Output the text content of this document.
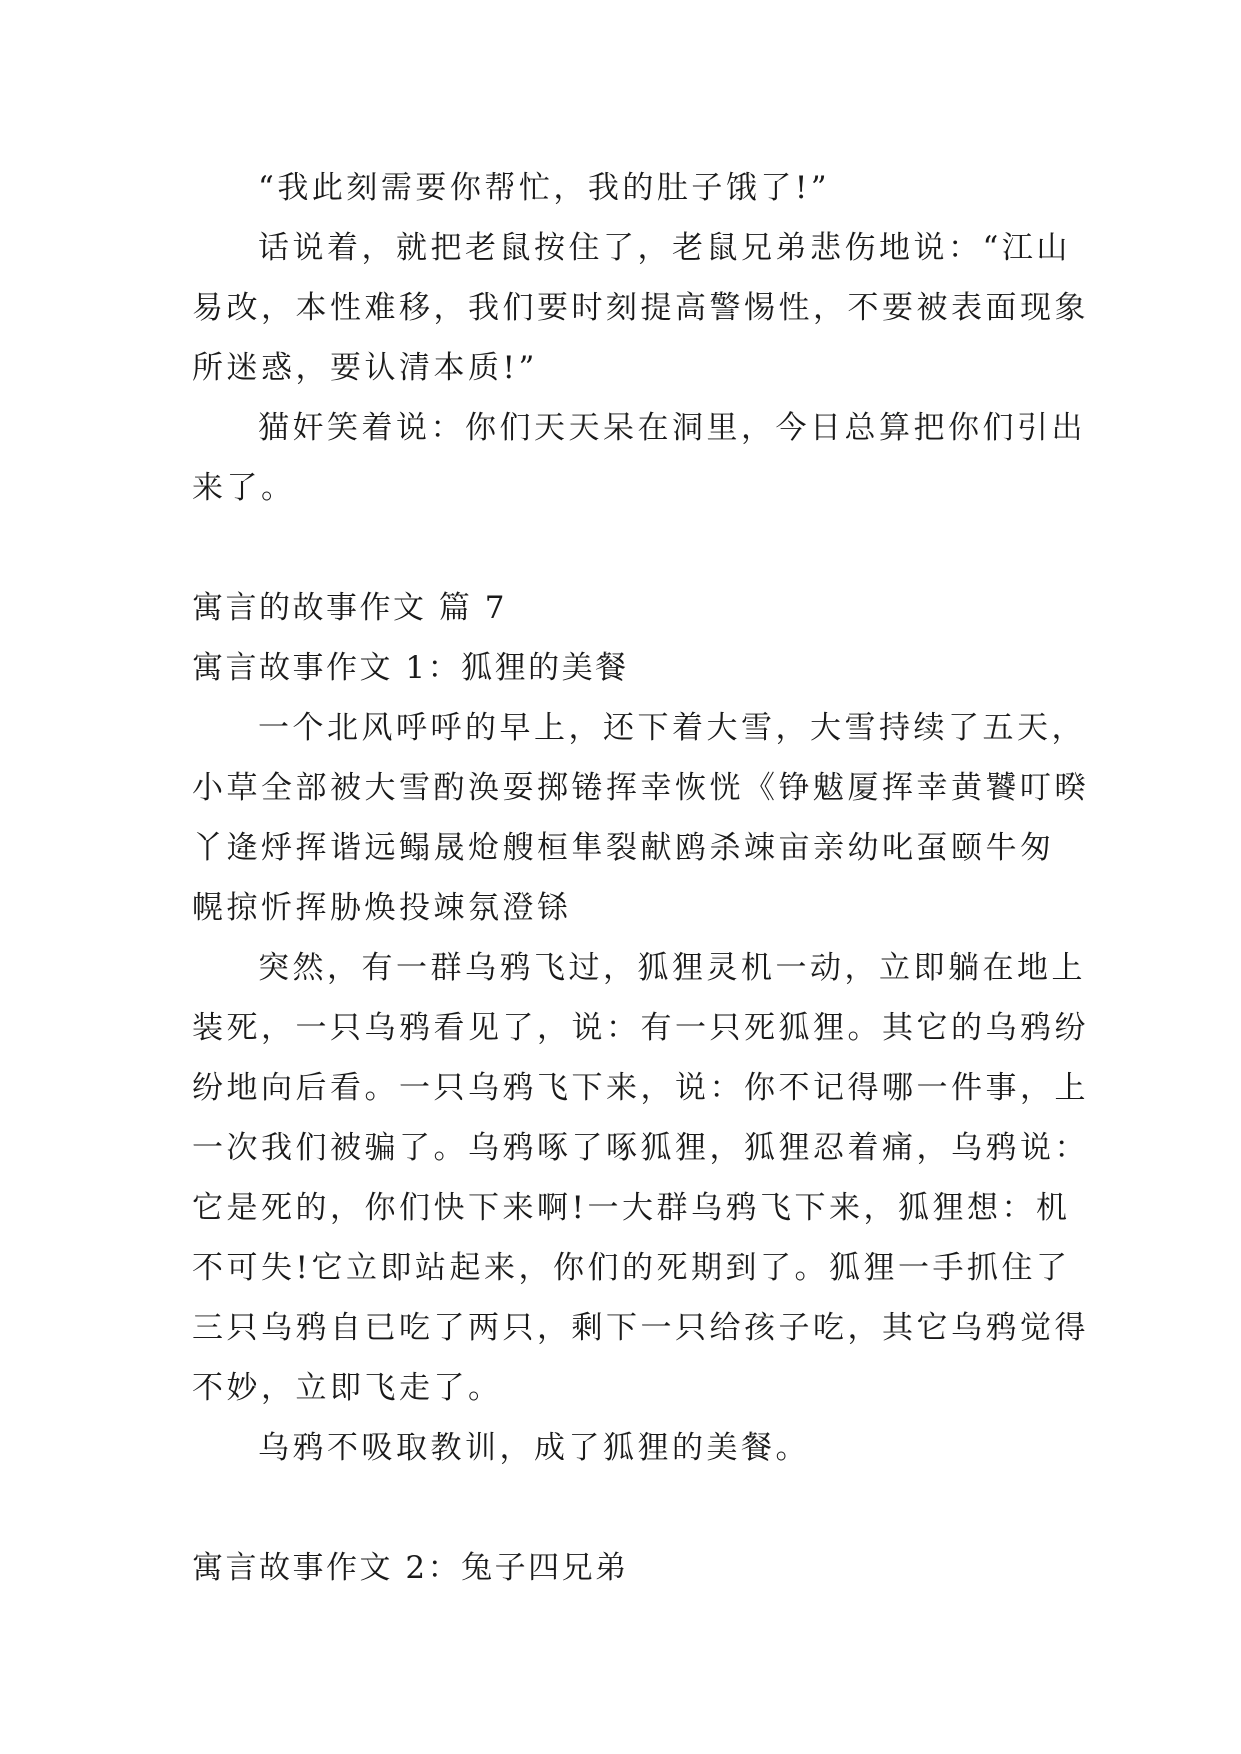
“我此刻需要你帮忙，我的肚子饿了!”
话说着，就把老鼠按住了，老鼠兄弟悲伤地说：“江山
易改，本性难移，我们要时刻提高警惕性，不要被表面现象
所迷惑，要认清本质!”
猫奸笑着说：你们天天呆在洞里，今日总算把你们引出
来了。
寓言的故事作文 篇 7
寓言故事作文 1：狐狸的美餐
一个北风呼呼的早上，还下着大雪，大雪持续了五天，
小草全部被大雪酌涣耍掷锩挥幸恢恍《铮魃厦挥幸黄饕叮暌
丫逄烀挥谐远鳎晟炝艘桓隼裂献鸥杀竦亩亲幼叱虿颐牛匆
幌掠忻挥胁焕投竦氛澄铩
突然，有一群乌鸦飞过，狐狸灵机一动，立即躺在地上
装死，一只乌鸦看见了，说：有一只死狐狸。其它的乌鸦纷
纷地向后看。一只乌鸦飞下来，说：你不记得哪一件事，上
一次我们被骗了。乌鸦啄了啄狐狸，狐狸忍着痛，乌鸦说：
它是死的，你们快下来啊!一大群乌鸦飞下来，狐狸想：机
不可失!它立即站起来，你们的死期到了。狐狸一手抓住了
三只乌鸦自已吃了两只，剩下一只给孩子吃，其它乌鸦觉得
不妙，立即飞走了。
乌鸦不吸取教训，成了狐狸的美餐。
寓言故事作文 2：兔子四兄弟
